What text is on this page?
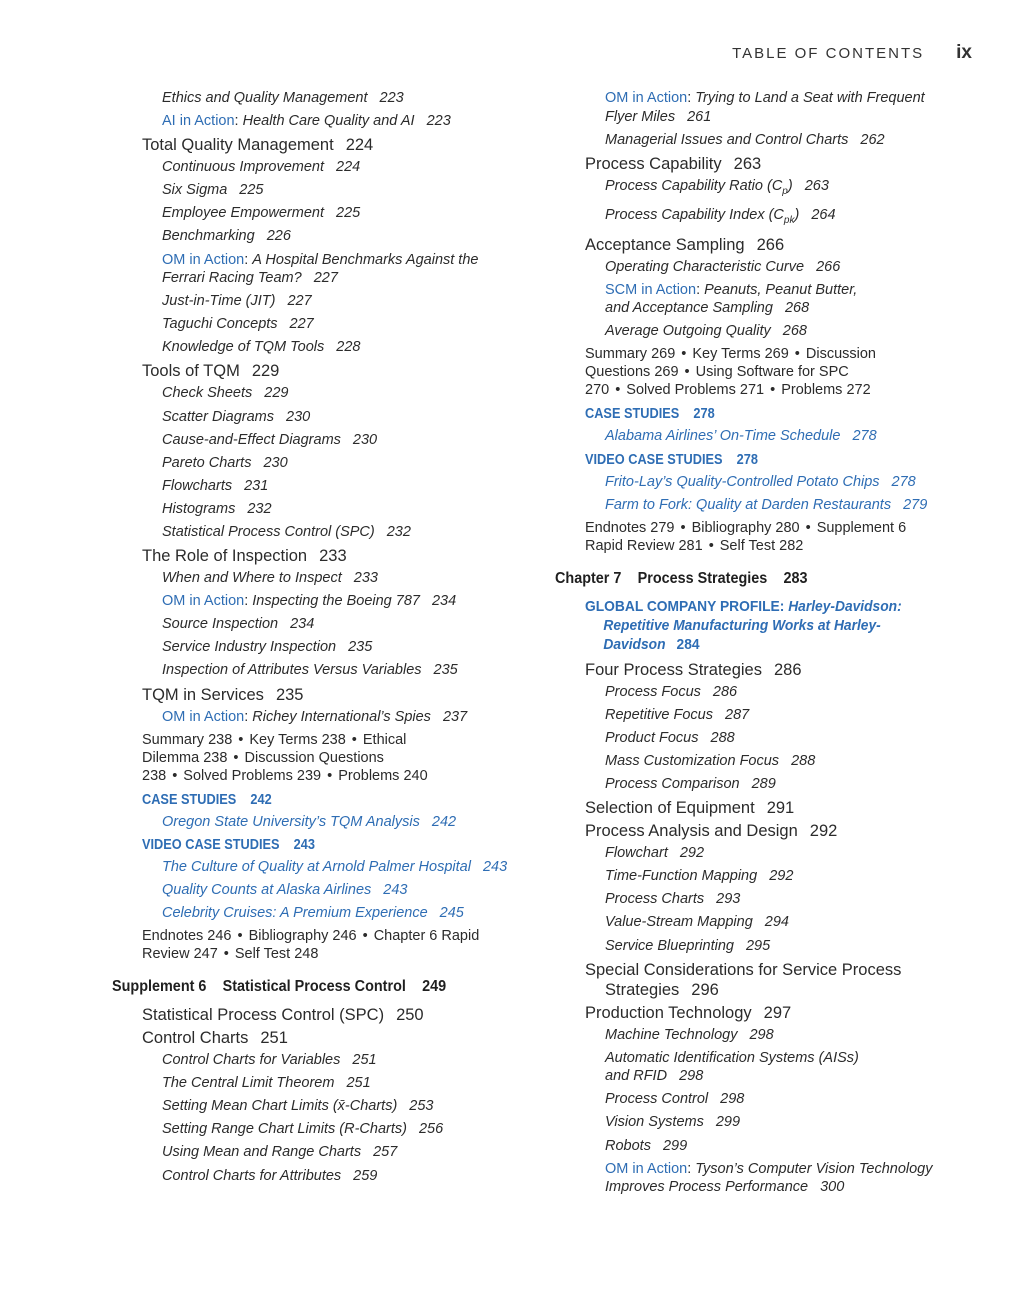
TABLE OF CONTENTS ix

Ethics and Quality Management 223

AI in Action: Health Care Quality and AI 223

Total Quality Management 224

Continuous Improvement 224

Six Sigma 225

Employee Empowerment 225

Benchmarking 226

OM in Action: A Hospital Benchmarks Against the Ferrari Racing Team? 227

Just-in-Time (JIT) 227

Taguchi Concepts 227

Knowledge of TQM Tools 228

Tools of TQM 229

Check Sheets 229

Scatter Diagrams 230

Cause-and-Effect Diagrams 230

Pareto Charts 230

Flowcharts 231

Histograms 232

Statistical Process Control (SPC) 232

The Role of Inspection 233

When and Where to Inspect 233

OM in Action: Inspecting the Boeing 787 234

Source Inspection 234

Service Industry Inspection 235

Inspection of Attributes Versus Variables 235

TQM in Services 235

OM in Action: Richey International’s Spies 237

Summary 238 • Key Terms 238 • Ethical Dilemma 238 • Discussion Questions 238 • Solved Problems 239 • Problems 240

CASE STUDIES 242

Oregon State University’s TQM Analysis 242

VIDEO CASE STUDIES 243

The Culture of Quality at Arnold Palmer Hospital 243

Quality Counts at Alaska Airlines 243

Celebrity Cruises: A Premium Experience 245

Endnotes 246 • Bibliography 246 • Chapter 6 Rapid Review 247 • Self Test 248

Supplement 6 Statistical Process Control 249

Statistical Process Control (SPC) 250

Control Charts 251

Control Charts for Variables 251

The Central Limit Theorem 251

Setting Mean Chart Limits (x̄-Charts) 253

Setting Range Chart Limits (R-Charts) 256

Using Mean and Range Charts 257

Control Charts for Attributes 259

OM in Action: Trying to Land a Seat with Frequent Flyer Miles 261

Managerial Issues and Control Charts 262

Process Capability 263

Process Capability Ratio $(C_p)$ 263

Process Capability Index $(C_{pk})$ 264

Acceptance Sampling 266

Operating Characteristic Curve 266

SCM in Action: Peanuts, Peanut Butter, and Acceptance Sampling 268

Average Outgoing Quality 268

Summary 269 • Key Terms 269 • Discussion Questions 269 • Using Software for SPC 270 • Solved Problems 271 • Problems 272

CASE STUDIES 278

Alabama Airlines’ On-Time Schedule 278

VIDEO CASE STUDIES 278

Frito-Lay’s Quality-Controlled Potato Chips 278

Farm to Fork: Quality at Darden Restaurants 279

Endnotes 279 • Bibliography 280 • Supplement 6 Rapid Review 281 • Self Test 282

Chapter 7 Process Strategies 283

GLOBAL COMPANY PROFILE: Harley-Davidson: Repetitive Manufacturing Works at Harley-Davidson 284

Four Process Strategies 286

Process Focus 286

Repetitive Focus 287

Product Focus 288

Mass Customization Focus 288

Process Comparison 289

Selection of Equipment 291

Process Analysis and Design 292

Flowchart 292

Time-Function Mapping 292

Process Charts 293

Value-Stream Mapping 294

Service Blueprinting 295

Special Considerations for Service Process Strategies 296

Production Technology 297

Machine Technology 298

Automatic Identification Systems (AISs) and RFID 298

Process Control 298

Vision Systems 299

Robots 299

OM in Action: Tyson’s Computer Vision Technology Improves Process Performance 300
